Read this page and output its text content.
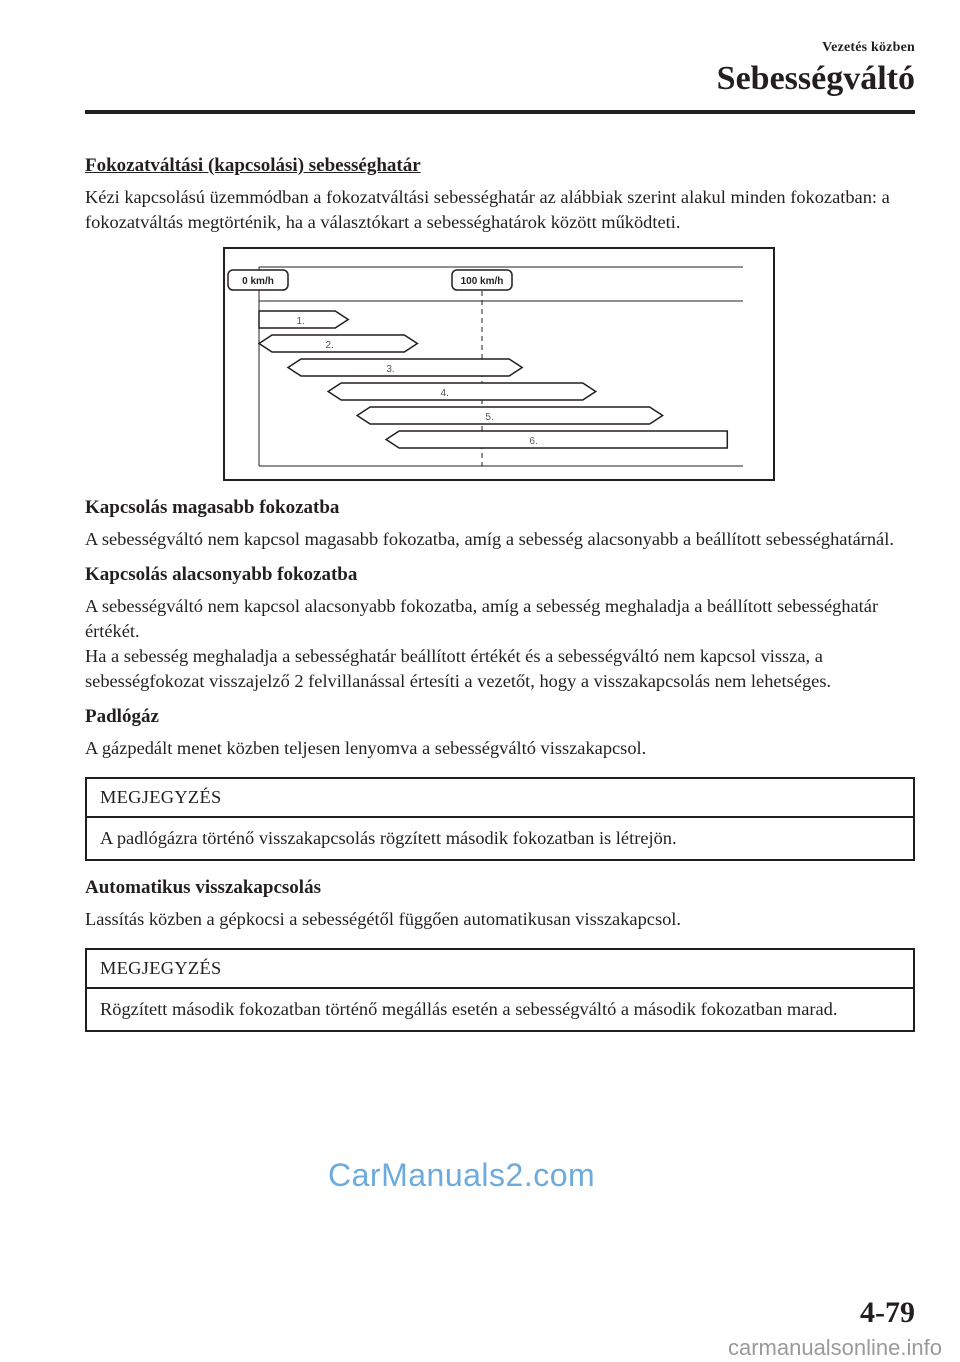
Vezetés közben
Sebességváltó
Fokozatváltási (kapcsolási) sebességhatár

Kézi kapcsolású üzemmódban a fokozatváltási sebességhatár az alábbiak szerint alakul minden fokozatban: a fokozatváltás megtörténik, ha a választókart a sebességhatárok között működteti.

0 km/h	100 km/h
1.
2.
3.
4.
5.
6.
Kapcsolás magasabb fokozatba

A sebességváltó nem kapcsol magasabb fokozatba, amíg a sebesség alacsonyabb a beállított sebességhatárnál.

Kapcsolás alacsonyabb fokozatba

A sebességváltó nem kapcsol alacsonyabb fokozatba, amíg a sebesség meghaladja a beállított sebességhatár értékét.

Ha a sebesség meghaladja a sebességhatár beállított értékét és a sebességváltó nem kapcsol vissza, a sebességfokozat visszajelző 2 felvillanással értesíti a vezetőt, hogy a visszakapcsolás nem lehetséges.

Padlógáz

A gázpedált menet közben teljesen lenyomva a sebességváltó visszakapcsol.

MEGJEGYZÉS
A padlógázra történő visszakapcsolás rögzített második fokozatban is létrejön.
Automatikus visszakapcsolás

Lassítás közben a gépkocsi a sebességétől függően automatikusan visszakapcsol.

MEGJEGYZÉS
Rögzített második fokozatban történő megállás esetén a sebességváltó a második fokozatban marad.
CarManuals2.com
4-79
carmanualsonline.info
